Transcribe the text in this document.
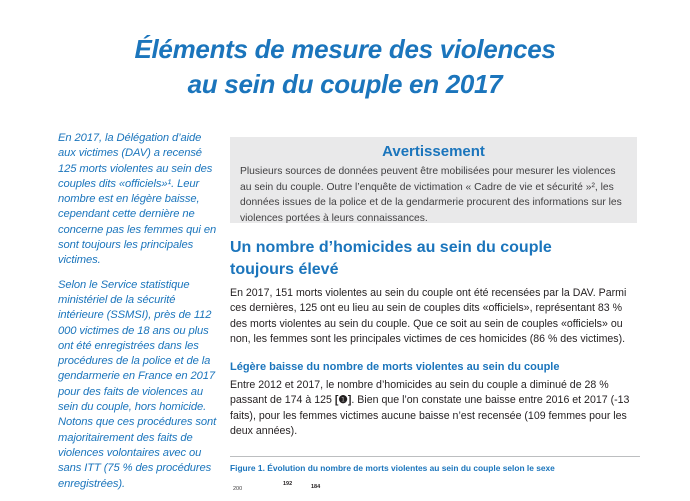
Éléments de mesure des violences
au sein du couple en 2017

En 2017, la Délégation d’aide aux victimes (DAV) a recensé 125 morts violentes au sein des couples dits «officiels»¹. Leur nombre est en légère baisse, cependant cette dernière ne concerne pas les femmes qui en sont toujours les principales victimes.

Selon le Service statistique ministériel de la sécurité intérieure (SSMSI), près de 112 000 victimes de 18 ans ou plus ont été enregistrées dans les procédures de la police et de la gendarmerie en France en 2017 pour des faits de violences au sein du couple, hors homicide. Notons que ces procédures sont majoritairement des faits de violences volontaires avec ou sans ITT (75 % des procédures enregistrées).

Avertissement
Plusieurs sources de données peuvent être mobilisées pour mesurer les violences au sein du couple. Outre l’enquête de victimation « Cadre de vie et sécurité »², les données issues de la police et de la gendarmerie procurent des informations sur les violences portées à leurs connaissances.
Un nombre d’homicides au sein du couple toujours élevé
En 2017, 151 morts violentes au sein du couple ont été recensées par la DAV. Parmi ces dernières, 125 ont eu lieu au sein de couples dits «officiels», représentant 83 % des morts violentes au sein du couple. Que ce soit au sein de couples «officiels» ou non, les femmes sont les principales victimes de ces homicides (86 % des victimes).
Légère baisse du nombre de morts violentes au sein du couple
Entre 2012 et 2017, le nombre d’homicides au sein du couple a diminué de 28 % passant de 174 à 125 [❶]. Bien que l’on constate une baisse entre 2016 et 2017 (-13 faits), pour les femmes victimes aucune baisse n’est recensée (109 femmes pour les deux années).
Figure 1. Évolution du nombre de morts violentes au sein du couple selon le sexe
200
192	184
